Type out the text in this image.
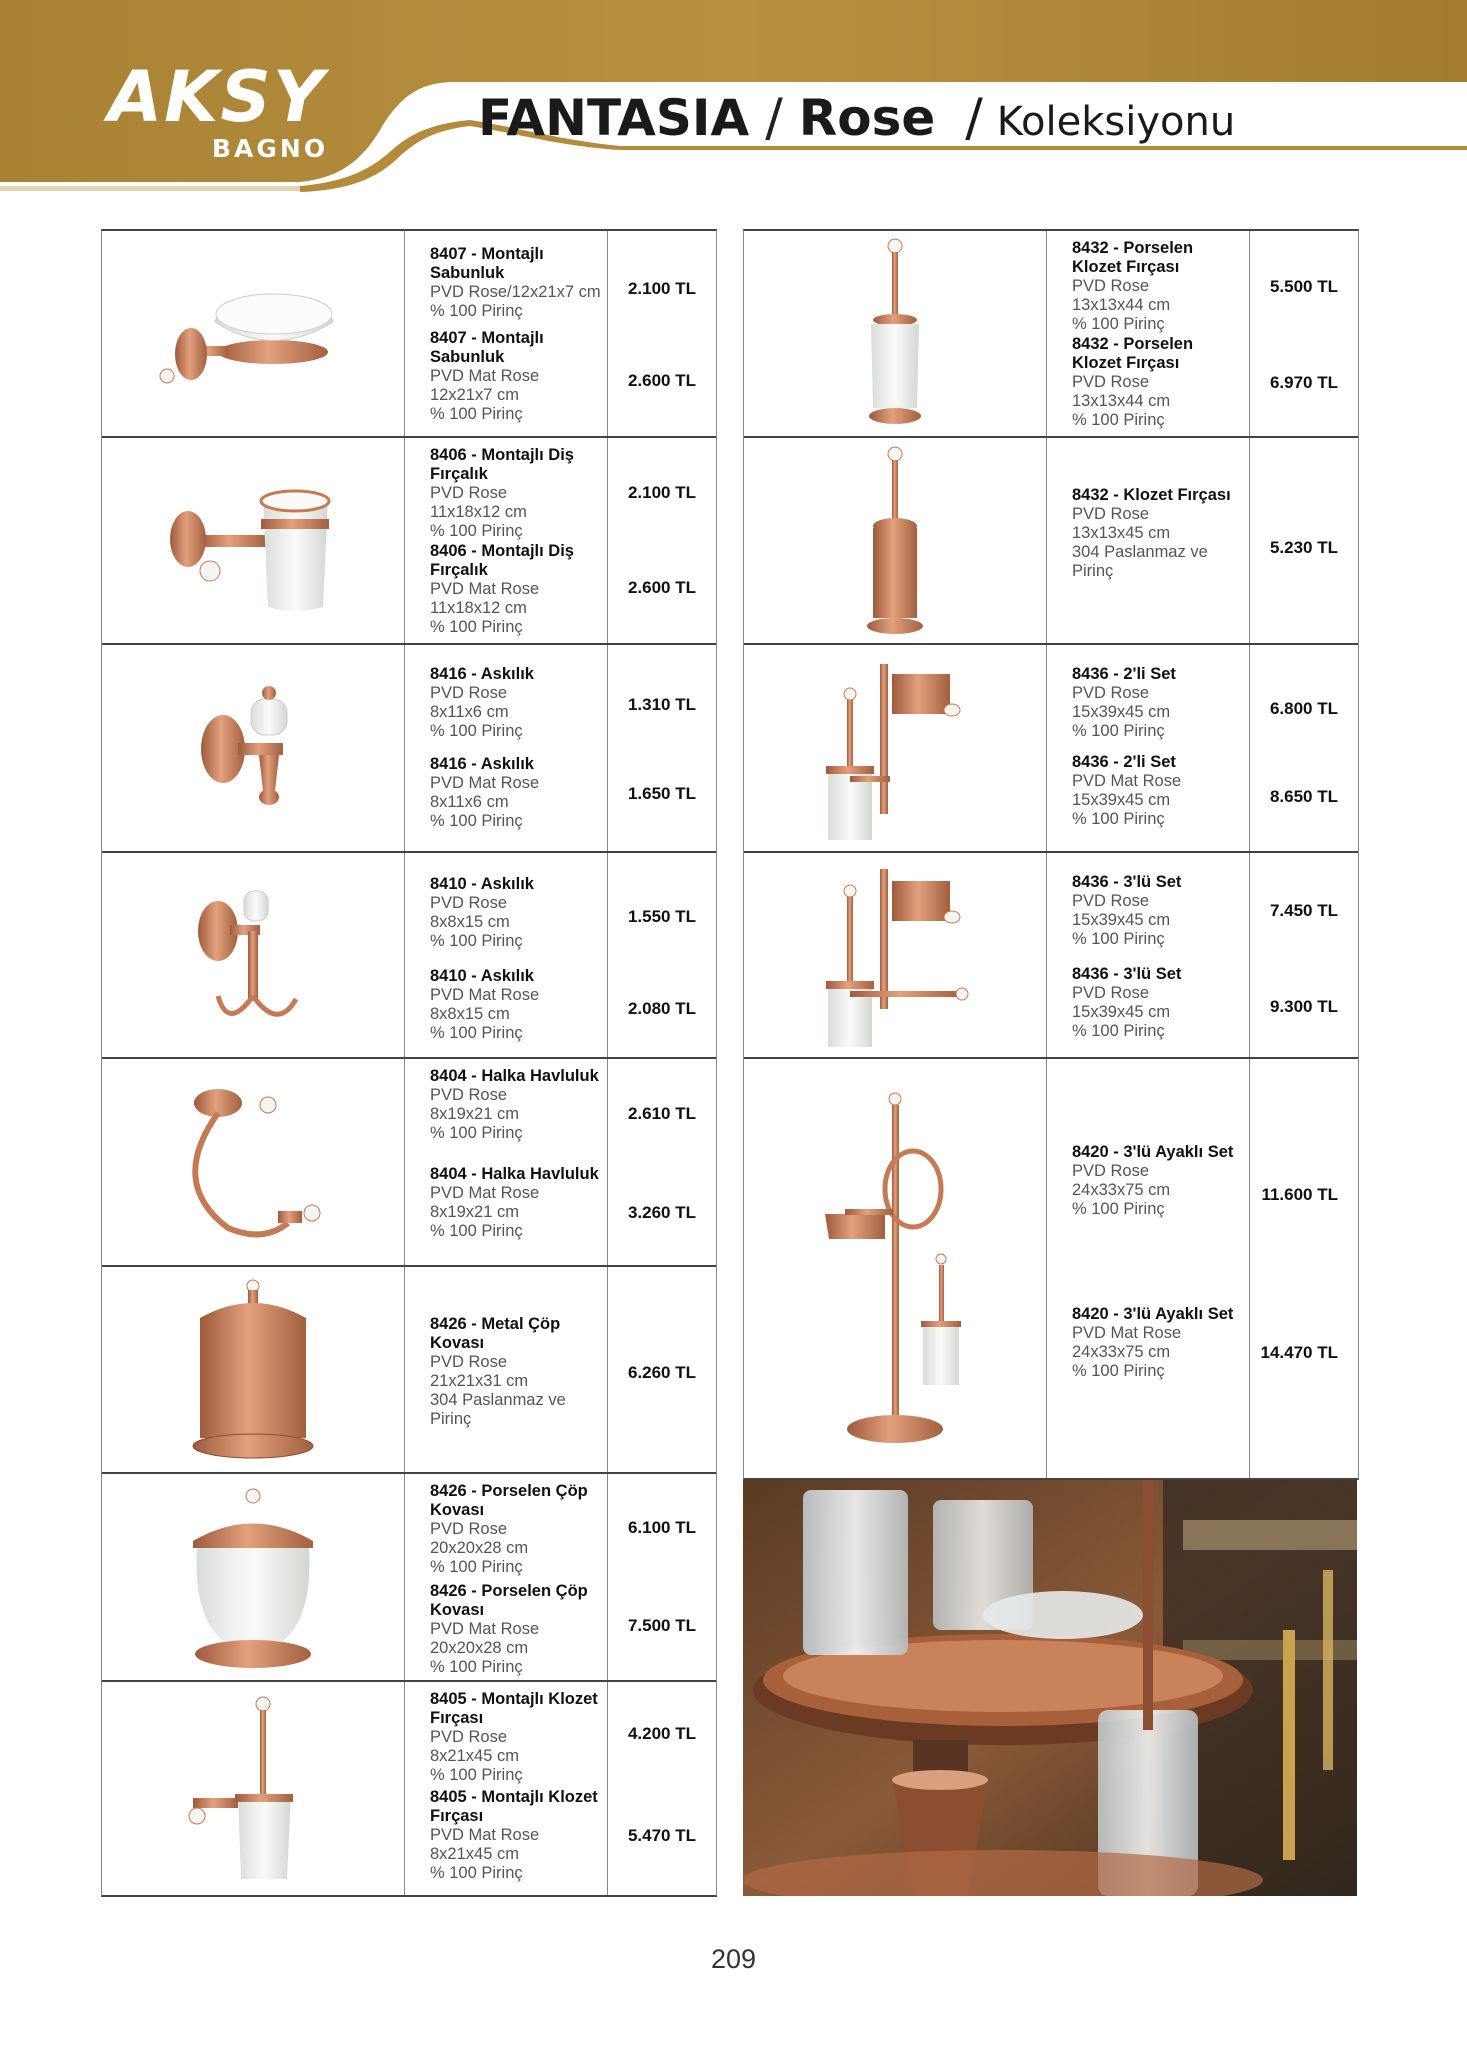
AKSY
BAGNO
FANTASIA / Rose / Koleksiyonu
8407 - Montajlı Sabunluk
PVD Rose/12x21x7 cm
% 100 Pirinç
8407 - Montajlı Sabunluk
PVD Mat Rose
12x21x7 cm
% 100 Pirinç
2.100 TL
2.600 TL
8406 - Montajlı Diş Fırçalık
PVD Rose
11x18x12 cm
% 100 Pirinç
8406 - Montajlı Diş Fırçalık
PVD Mat Rose
11x18x12 cm
% 100 Pirinç
2.100 TL
2.600 TL
8416 - Askılık
PVD Rose
8x11x6 cm
% 100 Pirinç
8416 - Askılık
PVD Mat Rose
8x11x6 cm
% 100 Pirinç
1.310 TL
1.650 TL
8410 - Askılık
PVD Rose
8x8x15 cm
% 100 Pirinç
8410 - Askılık
PVD Mat Rose
8x8x15 cm
% 100 Pirinç
1.550 TL
2.080 TL
8404 - Halka Havluluk
PVD Rose
8x19x21 cm
% 100 Pirinç
8404 - Halka Havluluk
PVD Mat Rose
8x19x21 cm
% 100 Pirinç
2.610 TL
3.260 TL
8426 - Metal Çöp Kovası
PVD Rose
21x21x31 cm
304 Paslanmaz ve Pirinç
6.260 TL
8426 - Porselen Çöp Kovası
PVD Rose
20x20x28 cm
% 100 Pirinç
8426 - Porselen Çöp Kovası
PVD Mat Rose
20x20x28 cm
% 100 Pirinç
6.100 TL
7.500 TL
8405 - Montajlı Klozet Fırçası
PVD Rose
8x21x45 cm
% 100 Pirinç
8405 - Montajlı Klozet Fırçası
PVD Mat Rose
8x21x45 cm
% 100 Pirinç
4.200 TL
5.470 TL
8432 - Porselen Klozet Fırçası
PVD Rose
13x13x44 cm
% 100 Pirinç
8432 - Porselen Klozet Fırçası
PVD Rose
13x13x44 cm
% 100 Pirinç
5.500 TL
6.970 TL
8432 - Klozet Fırçası
PVD Rose
13x13x45 cm
304 Paslanmaz ve Pirinç
5.230 TL
8436 - 2'li Set
PVD Rose
15x39x45 cm
% 100 Pirinç
8436 - 2'li Set
PVD Mat Rose
15x39x45 cm
% 100 Pirinç
6.800 TL
8.650 TL
8436 - 3'lü Set
PVD Rose
15x39x45 cm
% 100 Pirinç
8436 - 3'lü Set
PVD Rose
15x39x45 cm
% 100 Pirinç
7.450 TL
9.300 TL
8420 - 3'lü Ayaklı Set
PVD Rose
24x33x75 cm
% 100 Pirinç
8420 - 3'lü Ayaklı Set
PVD Mat Rose
24x33x75 cm
% 100 Pirinç
11.600 TL
14.470 TL
209
